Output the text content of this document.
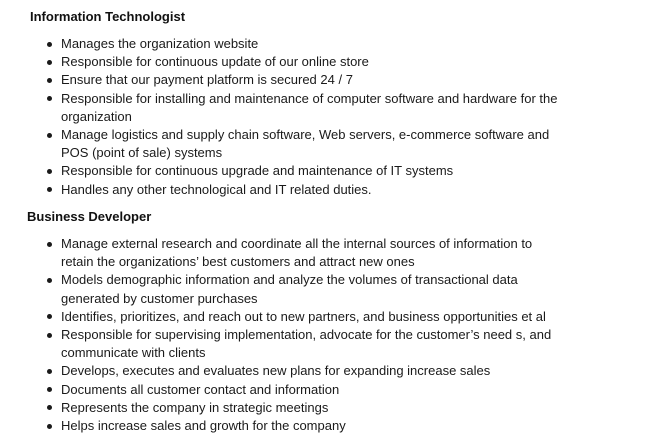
Information Technologist
Manages the organization website
Responsible for continuous update of our online store
Ensure that our payment platform is secured 24 / 7
Responsible for installing and maintenance of computer software and hardware for the organization
Manage logistics and supply chain software, Web servers, e-commerce software and POS (point of sale) systems
Responsible for continuous upgrade and maintenance of IT systems
Handles any other technological and IT related duties.
Business Developer
Manage external research and coordinate all the internal sources of information to retain the organizations’ best customers and attract new ones
Models demographic information and analyze the volumes of transactional data generated by customer purchases
Identifies, prioritizes, and reach out to new partners, and business opportunities et al
Responsible for supervising implementation, advocate for the customer’s need s, and communicate with clients
Develops, executes and evaluates new plans for expanding increase sales
Documents all customer contact and information
Represents the company in strategic meetings
Helps increase sales and growth for the company
